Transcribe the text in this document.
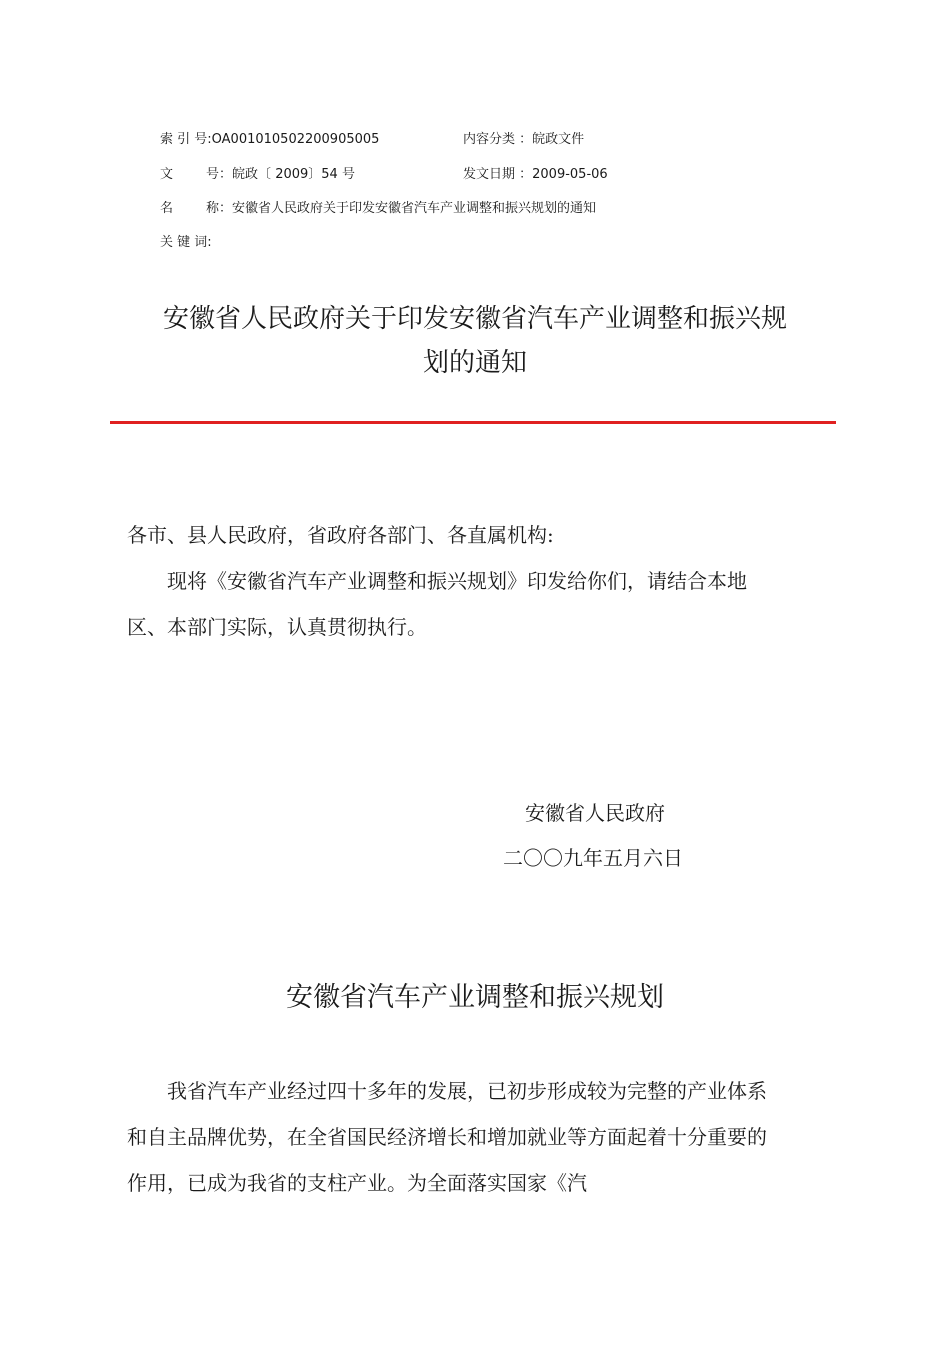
索 引 号:OA001010502200905005	内容分类 ：皖政文件
文        号：皖政〔 2009〕54 号	发文日期 ：2009-05-06
名        称：安徽省人民政府关于印发安徽省汽车产业调整和振兴规划的通知
关 键 词:
安徽省人民政府关于印发安徽省汽车产业调整和振兴规
划的通知
各市、县人民政府，省政府各部门、各直属机构:
现将《安徽省汽车产业调整和振兴规划》印发给你们，请结合本地区、本部门实际，认真贯彻执行。
安徽省人民政府
二〇〇九年五月六日
安徽省汽车产业调整和振兴规划
我省汽车产业经过四十多年的发展，已初步形成较为完整的产业体系和自主品牌优势，在全省国民经济增长和增加就业等方面起着十分重要的作用，已成为我省的支柱产业。为全面落实国家《汽
